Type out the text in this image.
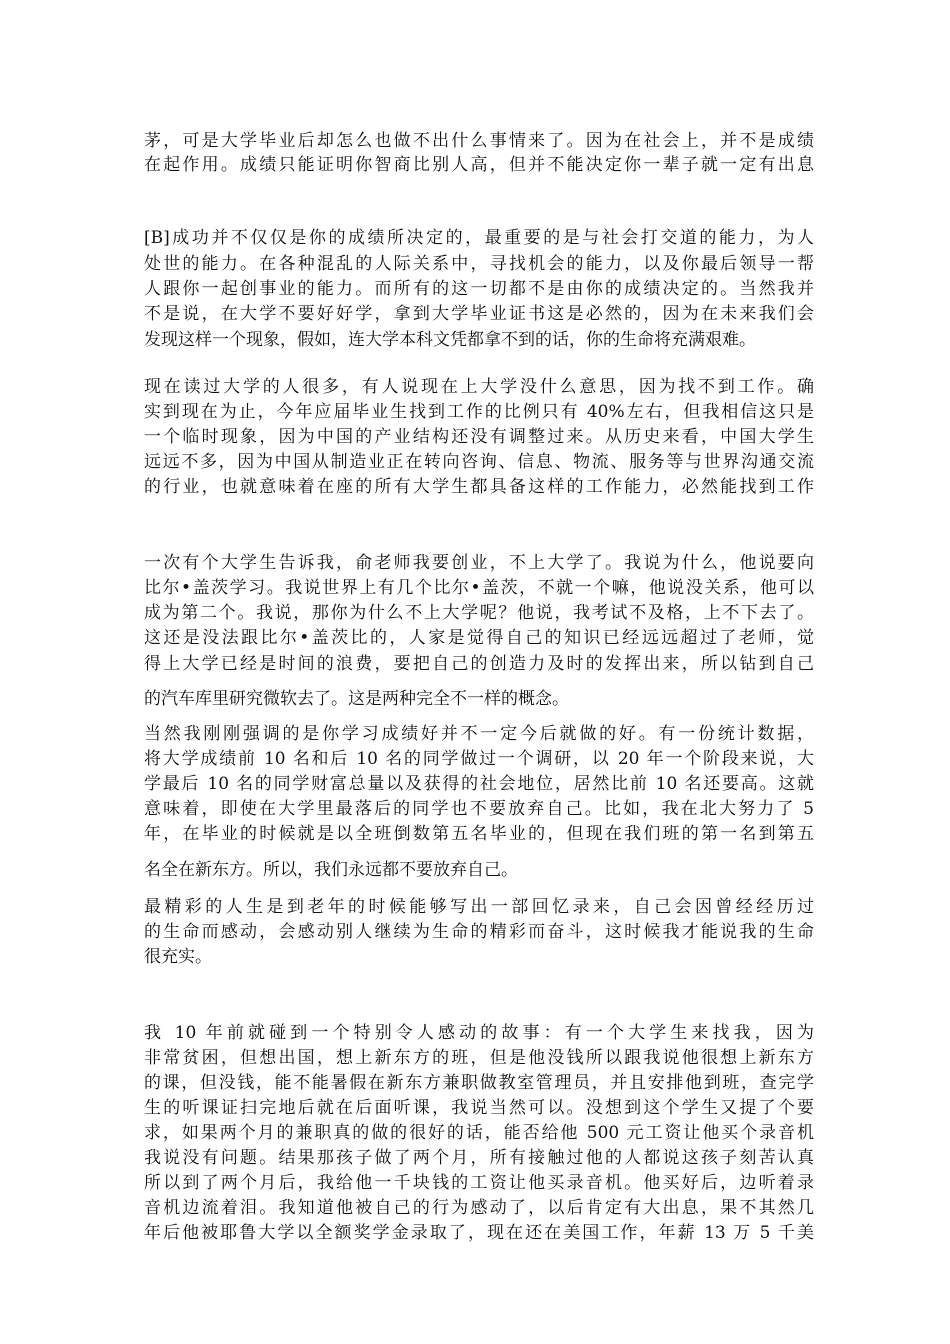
茅，可是大学毕业后却怎么也做不出什么事情来了。因为在社会上，并不是成绩
在起作用。成绩只能证明你智商比别人高，但并不能决定你一辈子就一定有出息
[B]成功并不仅仅是你的成绩所决定的，最重要的是与社会打交道的能力，为人
处世的能力。在各种混乱的人际关系中，寻找机会的能力，以及你最后领导一帮
人跟你一起创事业的能力。而所有的这一切都不是由你的成绩决定的。当然我并
不是说，在大学不要好好学，拿到大学毕业证书这是必然的，因为在未来我们会
发现这样一个现象，假如，连大学本科文凭都拿不到的话，你的生命将充满艰难。
现在读过大学的人很多，有人说现在上大学没什么意思，因为找不到工作。确
实到现在为止，今年应届毕业生找到工作的比例只有 40%左右，但我相信这只是
一个临时现象，因为中国的产业结构还没有调整过来。从历史来看，中国大学生
远远不多，因为中国从制造业正在转向咨询、信息、物流、服务等与世界沟通交流
的行业，也就意味着在座的所有大学生都具备这样的工作能力，必然能找到工作
一次有个大学生告诉我，俞老师我要创业，不上大学了。我说为什么，他说要向
比尔•盖茨学习。我说世界上有几个比尔•盖茨，不就一个嘛，他说没关系，他可以
成为第二个。我说，那你为什么不上大学呢？他说，我考试不及格，上不下去了。
这还是没法跟比尔•盖茨比的，人家是觉得自己的知识已经远远超过了老师，觉
得上大学已经是时间的浪费，要把自己的创造力及时的发挥出来，所以钻到自己
的汽车库里研究微软去了。这是两种完全不一样的概念。
当然我刚刚强调的是你学习成绩好并不一定今后就做的好。有一份统计数据，
将大学成绩前 10 名和后 10 名的同学做过一个调研，以 20 年一个阶段来说，大
学最后 10 名的同学财富总量以及获得的社会地位，居然比前 10 名还要高。这就
意味着，即使在大学里最落后的同学也不要放弃自己。比如，我在北大努力了 5
年，在毕业的时候就是以全班倒数第五名毕业的，但现在我们班的第一名到第五
名全在新东方。所以，我们永远都不要放弃自己。
最精彩的人生是到老年的时候能够写出一部回忆录来，自己会因曾经经历过
的生命而感动，会感动别人继续为生命的精彩而奋斗，这时候我才能说我的生命
很充实。
我 10 年前就碰到一个特别令人感动的故事：有一个大学生来找我，因为
非常贫困，但想出国，想上新东方的班，但是他没钱所以跟我说他很想上新东方
的课，但没钱，能不能暑假在新东方兼职做教室管理员，并且安排他到班，查完学
生的听课证扫完地后就在后面听课，我说当然可以。没想到这个学生又提了个要
求，如果两个月的兼职真的做的很好的话，能否给他 500 元工资让他买个录音机
我说没有问题。结果那孩子做了两个月，所有接触过他的人都说这孩子刻苦认真
所以到了两个月后，我给他一千块钱的工资让他买录音机。他买好后，边听着录
音机边流着泪。我知道他被自己的行为感动了，以后肯定有大出息，果不其然几
年后他被耶鲁大学以全额奖学金录取了，现在还在美国工作，年薪 13 万 5 千美
